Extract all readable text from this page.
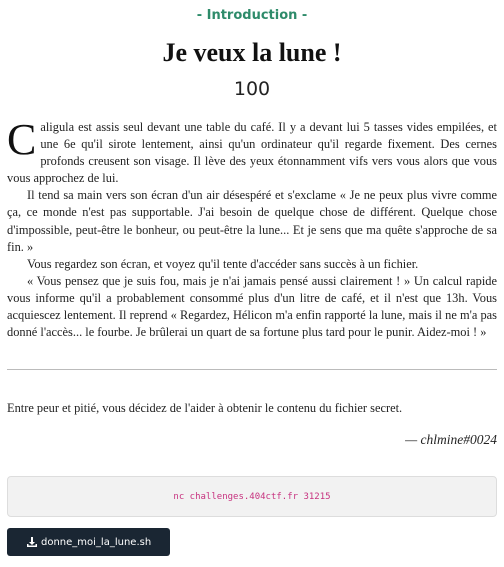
- Introduction -
Je veux la lune !
100

Caligula est assis seul devant une table du café. Il y a devant lui 5 tasses vides empilées, et une 6e qu'il sirote lentement, ainsi qu'un ordinateur qu'il regarde fixement. Des cernes profonds creusent son visage. Il lève des yeux étonnamment vifs vers vous alors que vous vous approchez de lui.

Il tend sa main vers son écran d'un air désespéré et s'exclame « Je ne peux plus vivre comme ça, ce monde n'est pas supportable. J'ai besoin de quelque chose de différent. Quelque chose d'impossible, peut-être le bonheur, ou peut-être la lune... Et je sens que ma quête s'approche de sa fin. »

Vous regardez son écran, et voyez qu'il tente d'accéder sans succès à un fichier.

« Vous pensez que je suis fou, mais je n'ai jamais pensé aussi clairement ! » Un calcul rapide vous informe qu'il a probablement consommé plus d'un litre de café, et il n'est que 13h. Vous acquiescez lentement. Il reprend « Regardez, Hélicon m'a enfin rapporté la lune, mais il ne m'a pas donné l'accès... le fourbe. Je brûlerai un quart de sa fortune plus tard pour le punir. Aidez-moi ! »

Entre peur et pitié, vous décidez de l'aider à obtenir le contenu du fichier secret.
— chlmine#0024
nc challenges.404ctf.fr 31215
donne_moi_la_lune.sh
